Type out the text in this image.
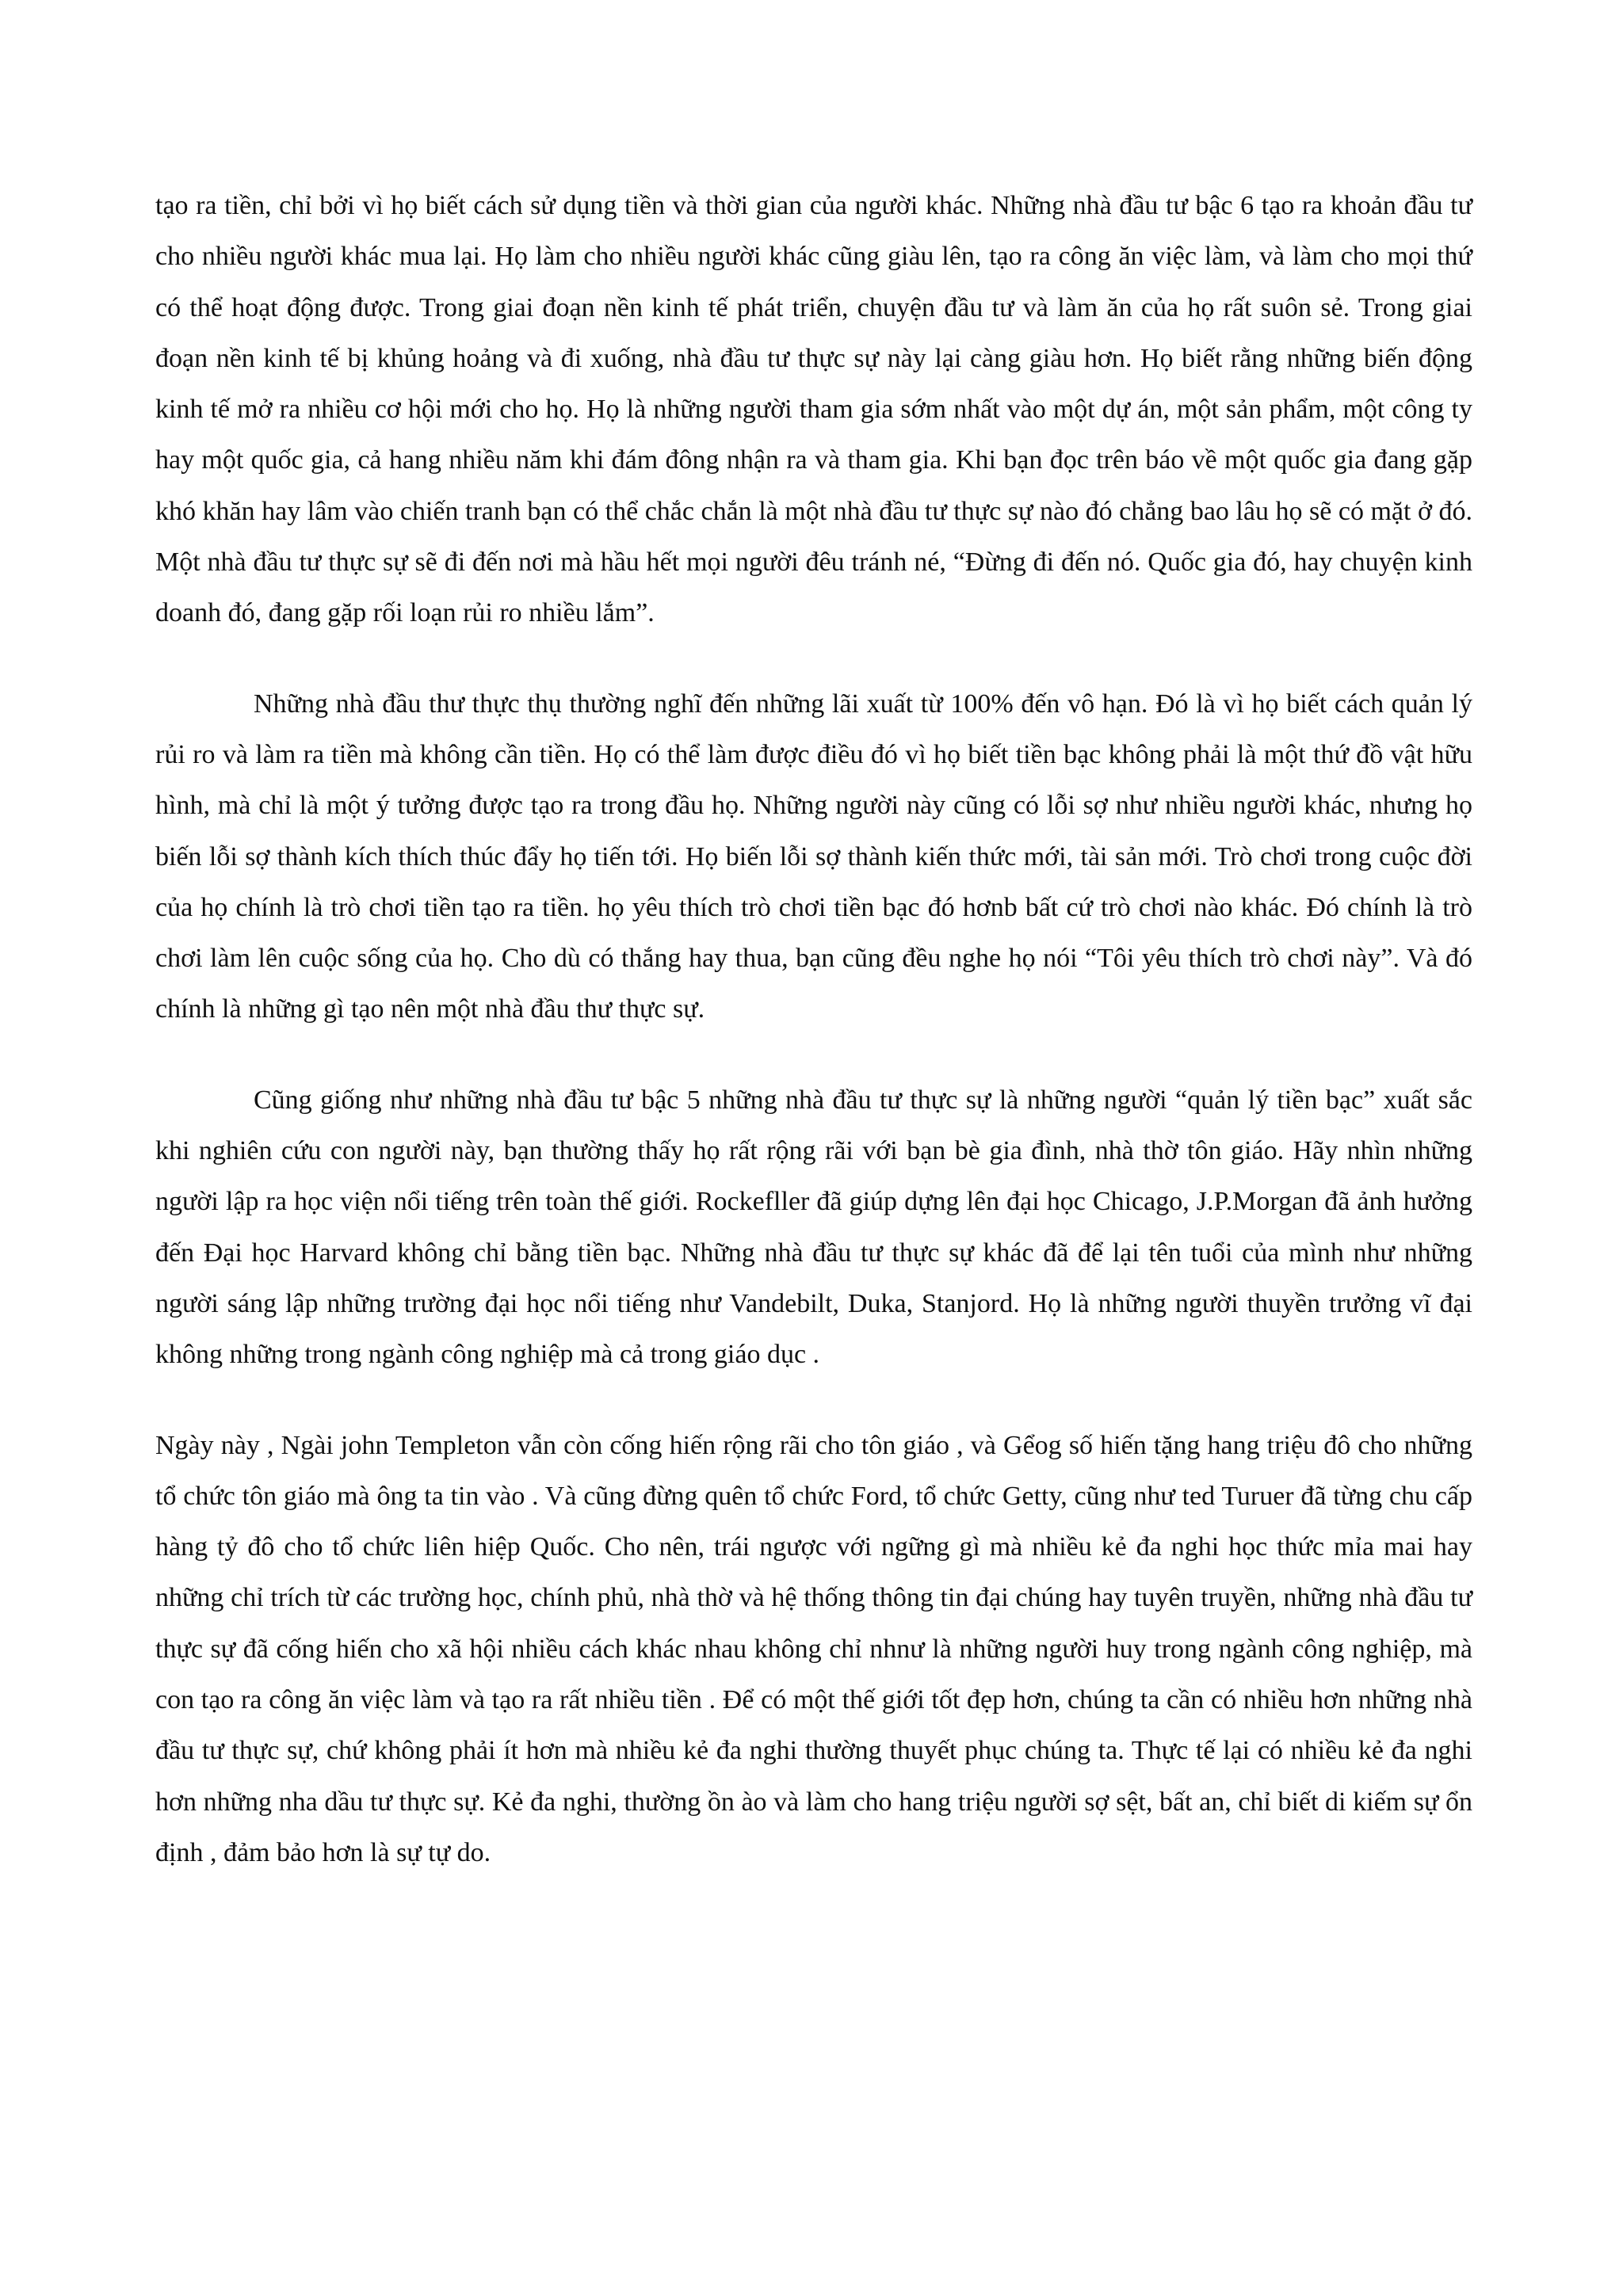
tạo ra tiền, chỉ bởi vì họ biết cách sử dụng tiền và thời gian của người khác. Những nhà đầu tư bậc 6 tạo ra khoản đầu tư cho nhiều người khác mua lại. Họ làm cho nhiều người khác cũng giàu lên, tạo ra công ăn việc làm, và làm cho mọi thứ có thể hoạt động được. Trong giai đoạn nền kinh tế phát triển, chuyện đầu tư và làm ăn của họ rất suôn sẻ. Trong giai đoạn nền kinh tế bị khủng hoảng và đi xuống, nhà đầu tư thực sự này lại càng giàu hơn. Họ biết rằng những biến động kinh tế mở ra nhiều cơ hội mới cho họ. Họ là những người tham gia sớm nhất vào một dự án, một sản phẩm, một công ty hay một quốc gia, cả hang nhiều năm khi đám đông nhận ra và tham gia. Khi bạn đọc trên báo về một quốc gia đang gặp khó khăn hay lâm vào chiến tranh bạn có thể chắc chắn là một nhà đầu tư thực sự nào đó chẳng bao lâu họ sẽ có mặt ở đó. Một nhà đầu tư thực sự sẽ đi đến nơi mà hầu hết mọi người đêu tránh né, “Đừng đi đến nó. Quốc gia đó, hay chuyện kinh doanh đó, đang gặp rối loạn rủi ro nhiều lắm”.

Những nhà đầu thư thực thụ thường nghĩ đến những lãi xuất từ 100% đến vô hạn. Đó là vì họ biết cách quản lý rủi ro và làm ra tiền mà không cần tiền. Họ có thể làm được điều đó vì họ biết tiền bạc không phải là một thứ đồ vật hữu hình, mà chỉ là một ý tưởng được tạo ra trong đầu họ. Những người này cũng có lỗi sợ như nhiều người khác, nhưng họ biến lỗi sợ thành kích thích thúc đẩy họ tiến tới. Họ biến lỗi sợ thành kiến thức mới, tài sản mới. Trò chơi trong cuộc đời của họ chính là trò chơi tiền tạo ra tiền. họ yêu thích trò chơi tiền bạc đó hơnb bất cứ trò chơi nào khác. Đó chính là trò chơi làm lên cuộc sống của họ. Cho dù có thắng hay thua, bạn cũng đều nghe họ nói “Tôi yêu thích trò chơi này”. Và đó chính là những gì tạo nên một nhà đầu thư thực sự.

Cũng giống như những nhà đầu tư bậc 5 những nhà đầu tư thực sự là những người “quản lý tiền bạc” xuất sắc khi nghiên cứu con người này, bạn thường thấy họ rất rộng rãi với bạn bè gia đình, nhà thờ tôn giáo. Hãy nhìn những người lập ra học viện nổi tiếng trên toàn thế giới. Rockefller đã giúp dựng lên đại học Chicago, J.P.Morgan đã ảnh hưởng đến Đại học Harvard không chỉ bằng tiền bạc. Những nhà đầu tư thực sự khác đã để lại tên tuổi của mình như những người sáng lập những trường đại học nổi tiếng như Vandebilt, Duka, Stanjord. Họ là những người thuyền trưởng vĩ đại không những trong ngành công nghiệp mà cả trong giáo dục .

Ngày này , Ngài john Templeton vẫn còn cống hiến rộng rãi cho tôn giáo , và Gểog số hiến tặng hang triệu đô cho những tổ chức tôn giáo mà ông ta tin vào . Và cũng đừng quên tổ chức Ford, tổ chức Getty, cũng như ted Turuer đã từng chu cấp hàng tỷ đô cho tổ chức liên hiệp Quốc. Cho nên, trái ngược với ngững gì mà nhiều kẻ đa nghi học thức mỉa mai hay những chỉ trích từ các trường học, chính phủ, nhà thờ và hệ thống thông tin đại chúng hay tuyên truyền, những nhà đầu tư thực sự đã cống hiến cho xã hội nhiều cách khác nhau không chỉ nhnư là những người huy trong ngành công nghiệp, mà con tạo ra công ăn việc làm và tạo ra rất nhiều tiền . Để có một thế giới tốt đẹp hơn, chúng ta cần có nhiều hơn những nhà đầu tư thực sự, chứ không phải ít hơn mà nhiều kẻ đa nghi thường thuyết phục chúng ta. Thực tế lại có nhiều kẻ đa nghi hơn những nha dầu tư thực sự. Kẻ đa nghi, thường ồn ào và làm cho hang triệu người sợ sệt, bất an, chỉ biết di kiếm sự ổn định , đảm bảo hơn là sự tự do.
